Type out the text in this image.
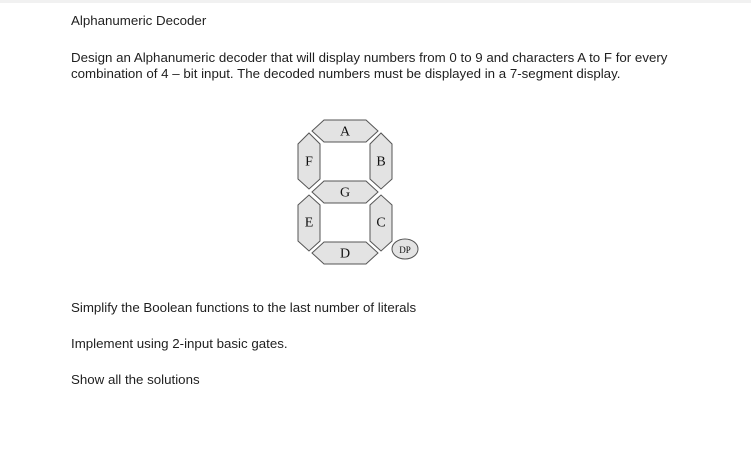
Alphanumeric Decoder
Design an Alphanumeric decoder that will display numbers from 0 to 9 and characters A to F for every combination of 4 – bit input. The decoded numbers must be displayed in a 7-segment display.
A
F	B
G
E	C
D	DP
Simplify the Boolean functions to the last number of literals
Implement using 2-input basic gates.
Show all the solutions
